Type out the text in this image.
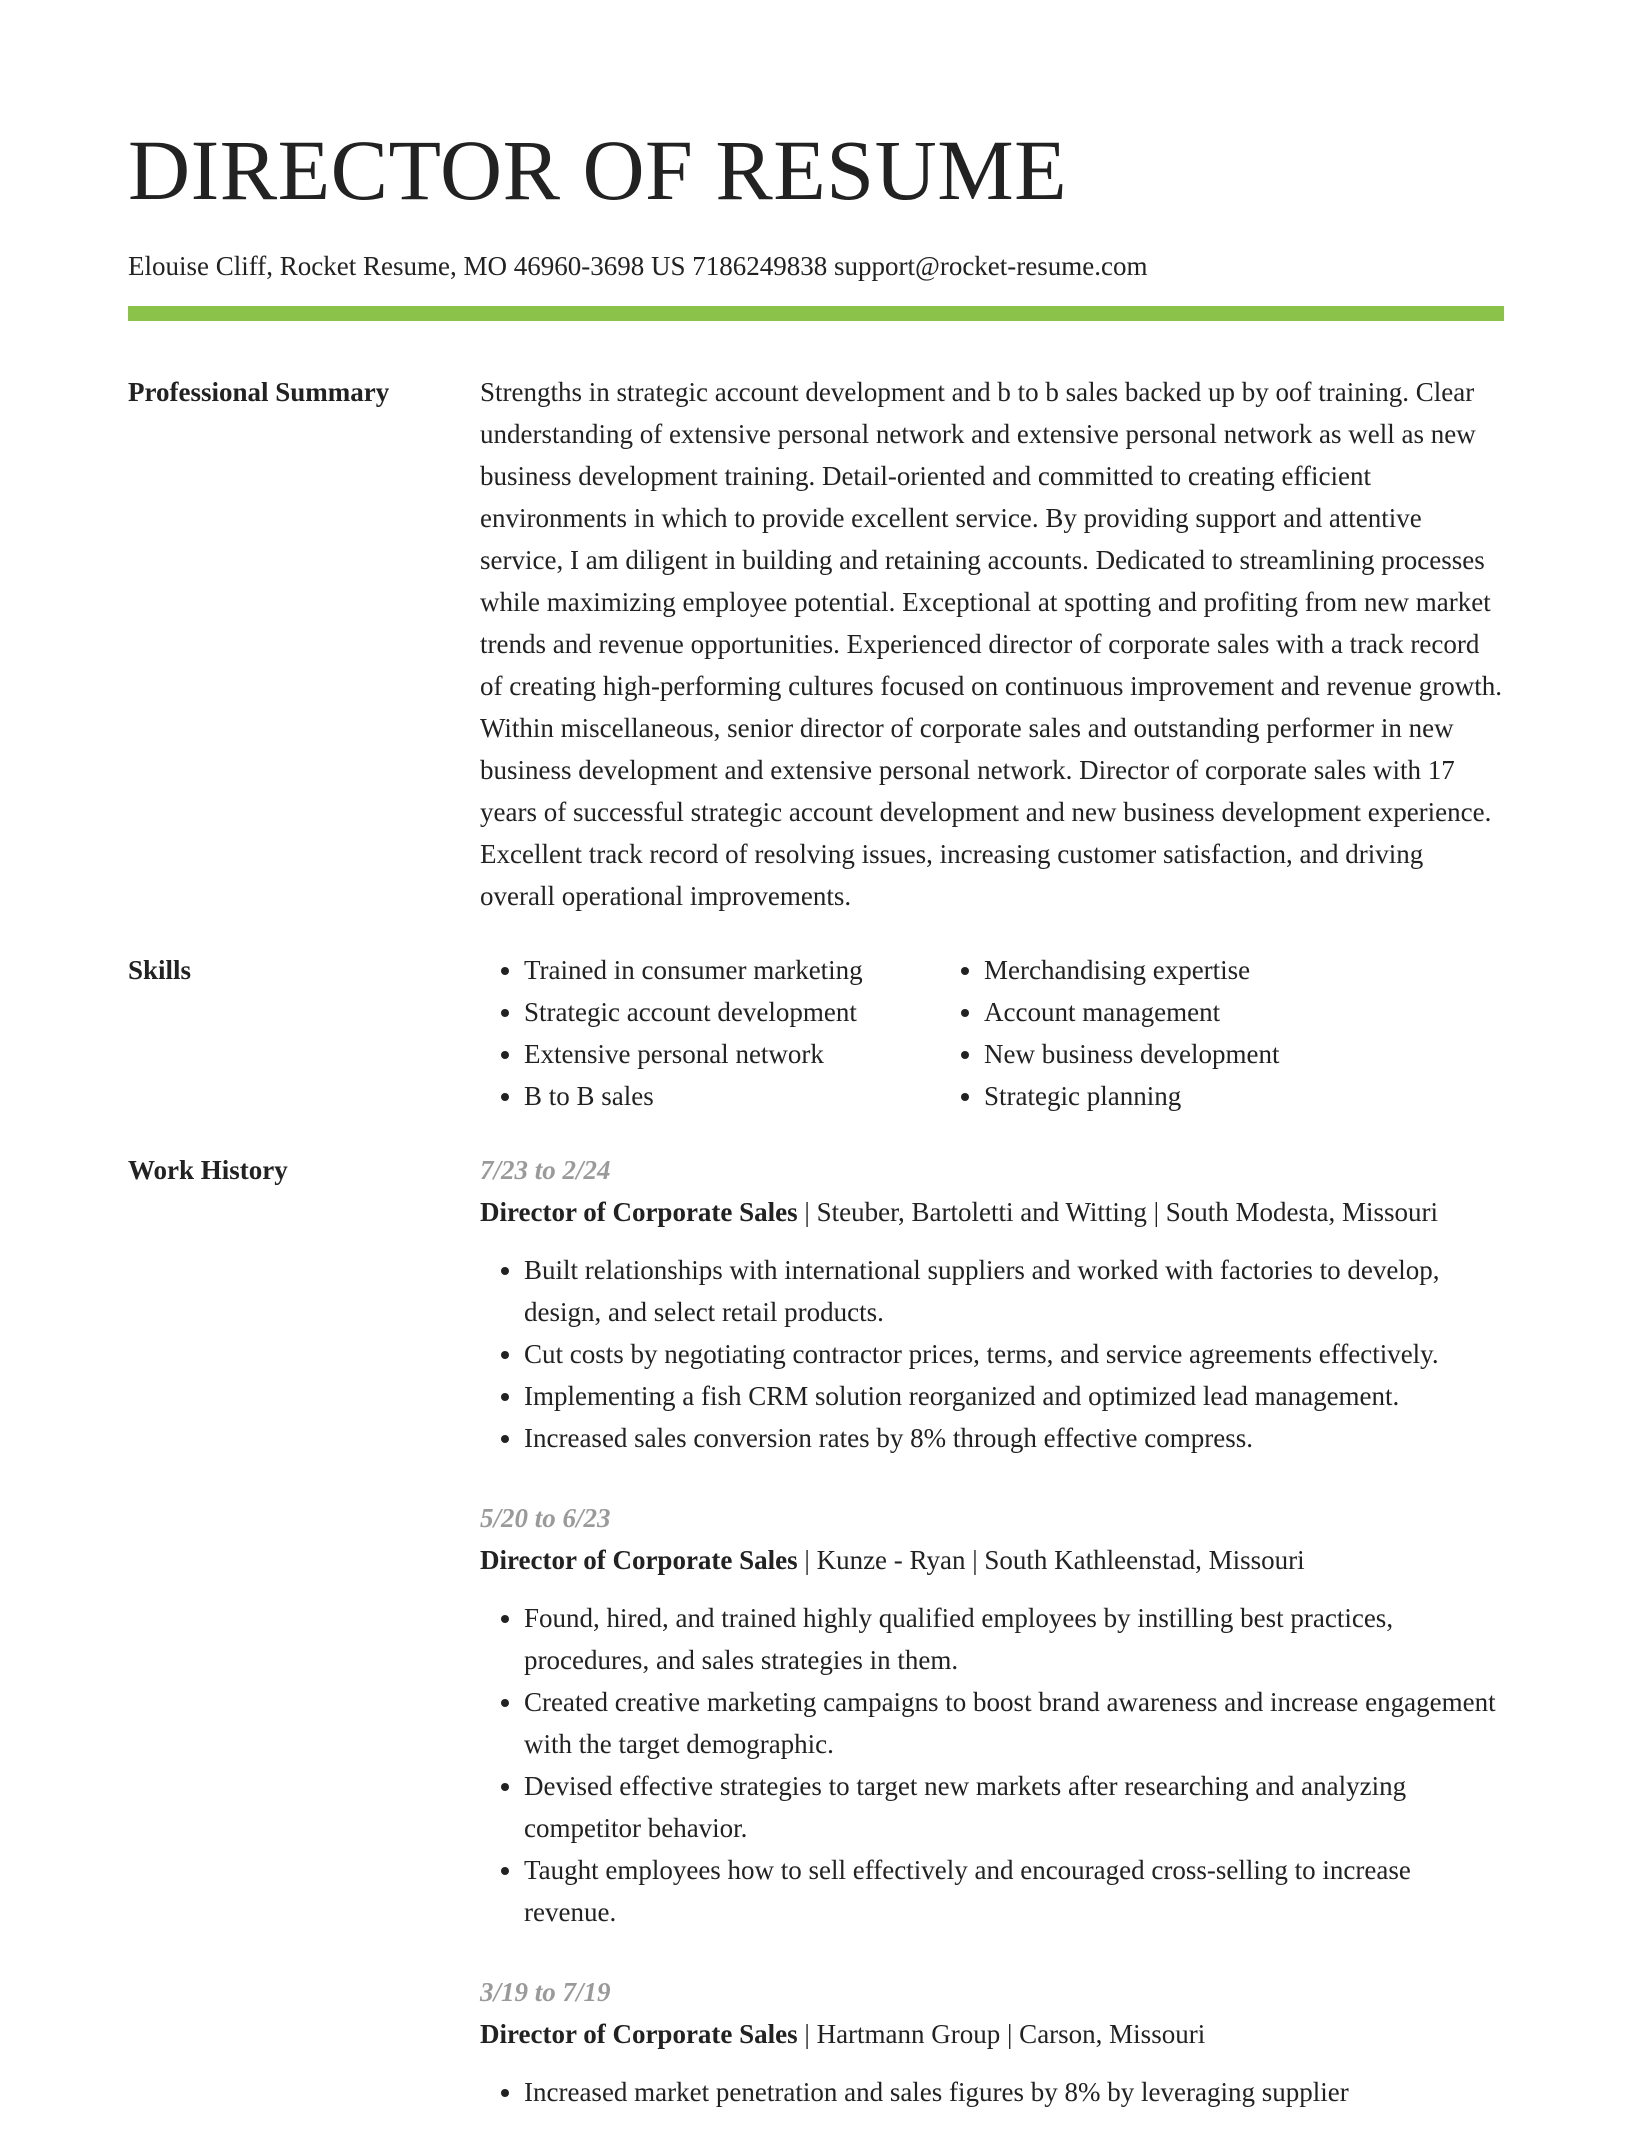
DIRECTOR OF RESUME
Elouise Cliff, Rocket Resume, MO 46960-3698 US 7186249838 support@rocket-resume.com
Professional Summary	Strengths in strategic account development and b to b sales backed up by oof training. Clear understanding of extensive personal network and extensive personal network as well as new business development training. Detail-oriented and committed to creating efficient environments in which to provide excellent service. By providing support and attentive service, I am diligent in building and retaining accounts. Dedicated to streamlining processes while maximizing employee potential. Exceptional at spotting and profiting from new market trends and revenue opportunities. Experienced director of corporate sales with a track record of creating high-performing cultures focused on continuous improvement and revenue growth. Within miscellaneous, senior director of corporate sales and outstanding performer in new business development and extensive personal network. Director of corporate sales with 17 years of successful strategic account development and new business development experience. Excellent track record of resolving issues, increasing customer satisfaction, and driving overall operational improvements.

Skills
•	Trained in consumer marketing
• Strategic account development
• Extensive personal network
• B to B sales
• Merchandising expertise
• Account management
• New business development
• Strategic planning
Work History	7/23 to 2/24
Director of Corporate Sales | Steuber, Bartoletti and Witting | South Modesta, Missouri
• Built relationships with international suppliers and worked with factories to develop, design, and select retail products.
• Cut costs by negotiating contractor prices, terms, and service agreements effectively.
• Implementing a fish CRM solution reorganized and optimized lead management.
• Increased sales conversion rates by 8% through effective compress.
5/20 to 6/23
Director of Corporate Sales | Kunze - Ryan | South Kathleenstad, Missouri
• Found, hired, and trained highly qualified employees by instilling best practices, procedures, and sales strategies in them.
• Created creative marketing campaigns to boost brand awareness and increase engagement with the target demographic.
• Devised effective strategies to target new markets after researching and analyzing competitor behavior.
• Taught employees how to sell effectively and encouraged cross-selling to increase revenue.
3/19 to 7/19
Director of Corporate Sales | Hartmann Group | Carson, Missouri
• Increased market penetration and sales figures by 8% by leveraging supplier
